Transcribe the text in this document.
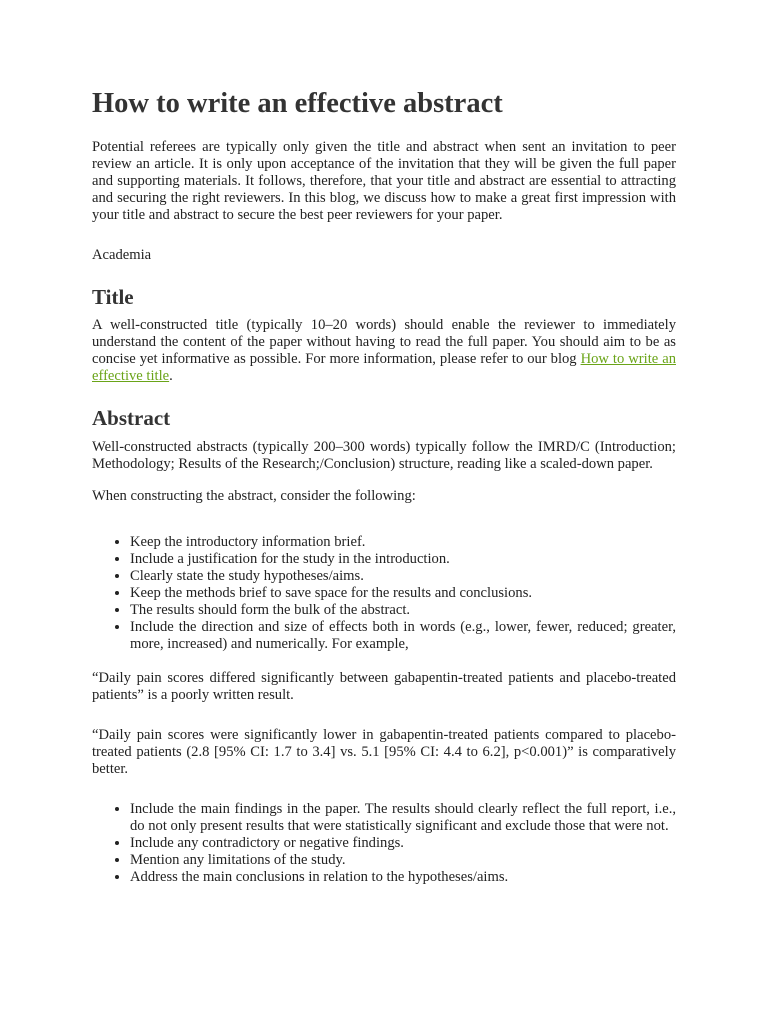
How to write an effective abstract

Potential referees are typically only given the title and abstract when sent an invitation to peer review an article. It is only upon acceptance of the invitation that they will be given the full paper and supporting materials. It follows, therefore, that your title and abstract are essential to attracting and securing the right reviewers. In this blog, we discuss how to make a great first impression with your title and abstract to secure the best peer reviewers for your paper.

Academia

Title

A well-constructed title (typically 10–20 words) should enable the reviewer to immediately understand the content of the paper without having to read the full paper. You should aim to be as concise yet informative as possible. For more information, please refer to our blog How to write an effective title.

Abstract

Well-constructed abstracts (typically 200–300 words) typically follow the IMRD/C (Introduction; Methodology; Results of the Research;/Conclusion) structure, reading like a scaled-down paper.

When constructing the abstract, consider the following:

• Keep the introductory information brief.
• Include a justification for the study in the introduction.
• Clearly state the study hypotheses/aims.
• Keep the methods brief to save space for the results and conclusions.
• The results should form the bulk of the abstract.
• Include the direction and size of effects both in words (e.g., lower, fewer, reduced; greater, more, increased) and numerically. For example,

“Daily pain scores differed significantly between gabapentin-treated patients and placebo-treated patients” is a poorly written result.

“Daily pain scores were significantly lower in gabapentin-treated patients compared to placebo-treated patients (2.8 [95% CI: 1.7 to 3.4] vs. 5.1 [95% CI: 4.4 to 6.2], p<0.001)” is comparatively better.

• Include the main findings in the paper. The results should clearly reflect the full report, i.e., do not only present results that were statistically significant and exclude those that were not.
• Include any contradictory or negative findings.
• Mention any limitations of the study.
• Address the main conclusions in relation to the hypotheses/aims.
